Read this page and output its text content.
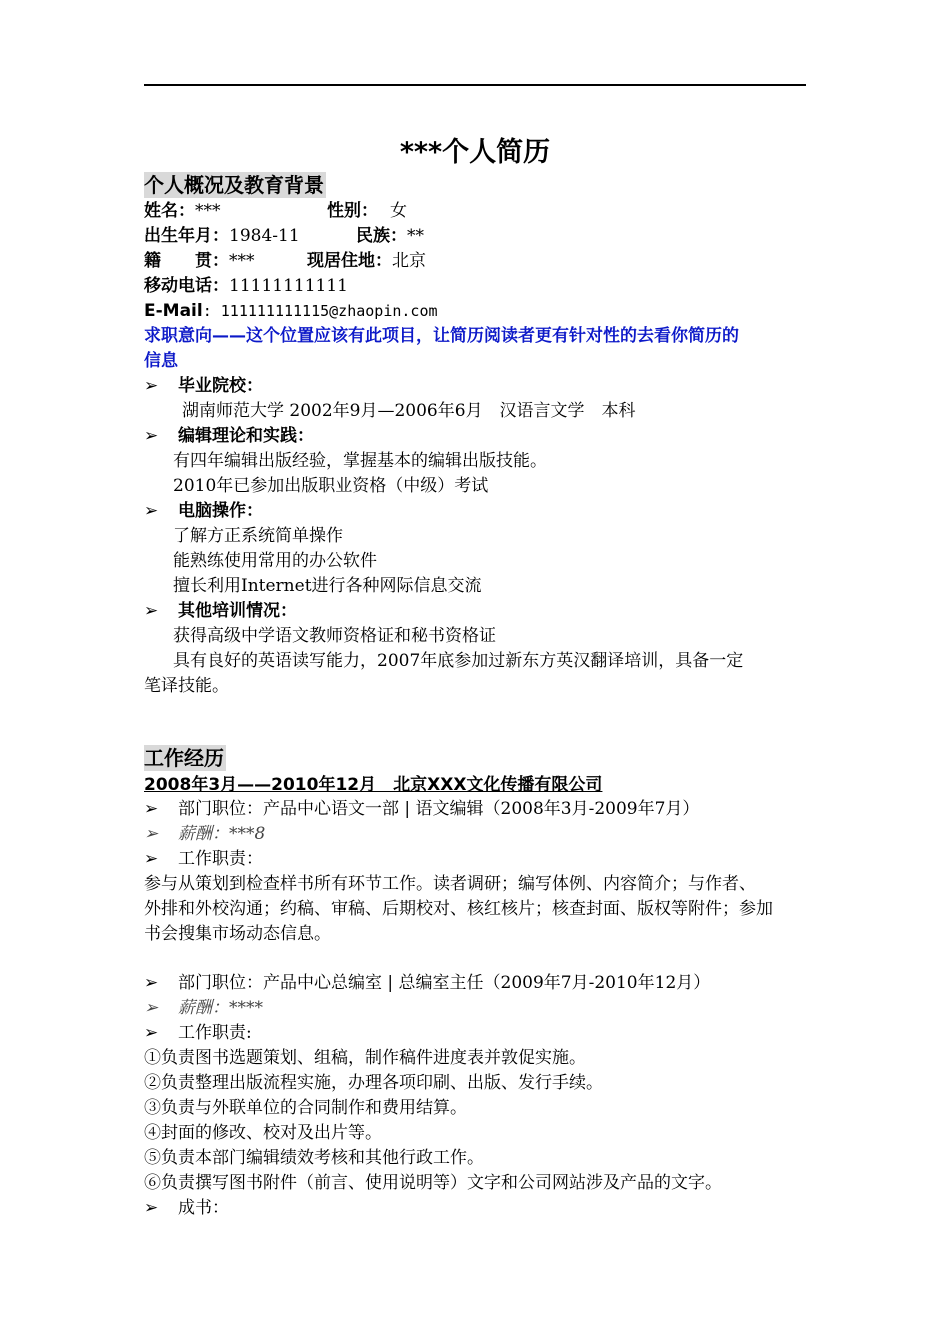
***个人简历
个人概况及教育背景
姓名：***	性别： 女
出生年月：1984-11	民族：**
籍　　贯：***	现居住地：北京
移动电话：11111111111
E-Mail: 111111111115@zhaopin.com
求职意向——这个位置应该有此项目，让简历阅读者更有针对性的去看你简历的
信息
➢ 毕业院校：
湖南师范大学 2002年9月—2006年6月　汉语言文学　本科
➢ 编辑理论和实践：
有四年编辑出版经验，掌握基本的编辑出版技能。
2010年已参加出版职业资格（中级）考试
➢ 电脑操作：
了解方正系统简单操作
能熟练使用常用的办公软件
擅长利用Internet进行各种网际信息交流
➢ 其他培训情况：
获得高级中学语文教师资格证和秘书资格证
具有良好的英语读写能力，2007年底参加过新东方英汉翻译培训，具备一定
笔译技能。
工作经历
2008年3月——2010年12月　北京XXX文化传播有限公司
➢ 部门职位：产品中心语文一部 | 语文编辑（2008年3月-2009年7月）
➢ 薪酬：***8
➢ 工作职责：
参与从策划到检查样书所有环节工作。读者调研；编写体例、内容简介；与作者、
外排和外校沟通；约稿、审稿、后期校对、核红核片；核查封面、版权等附件；参加
书会搜集市场动态信息。
➢ 部门职位：产品中心总编室 | 总编室主任（2009年7月-2010年12月）
➢ 薪酬：****
➢ 工作职责:
①负责图书选题策划、组稿，制作稿件进度表并敦促实施。
②负责整理出版流程实施，办理各项印刷、出版、发行手续。
③负责与外联单位的合同制作和费用结算。
④封面的修改、校对及出片等。
⑤负责本部门编辑绩效考核和其他行政工作。
⑥负责撰写图书附件（前言、使用说明等）文字和公司网站涉及产品的文字。
➢ 成书：
